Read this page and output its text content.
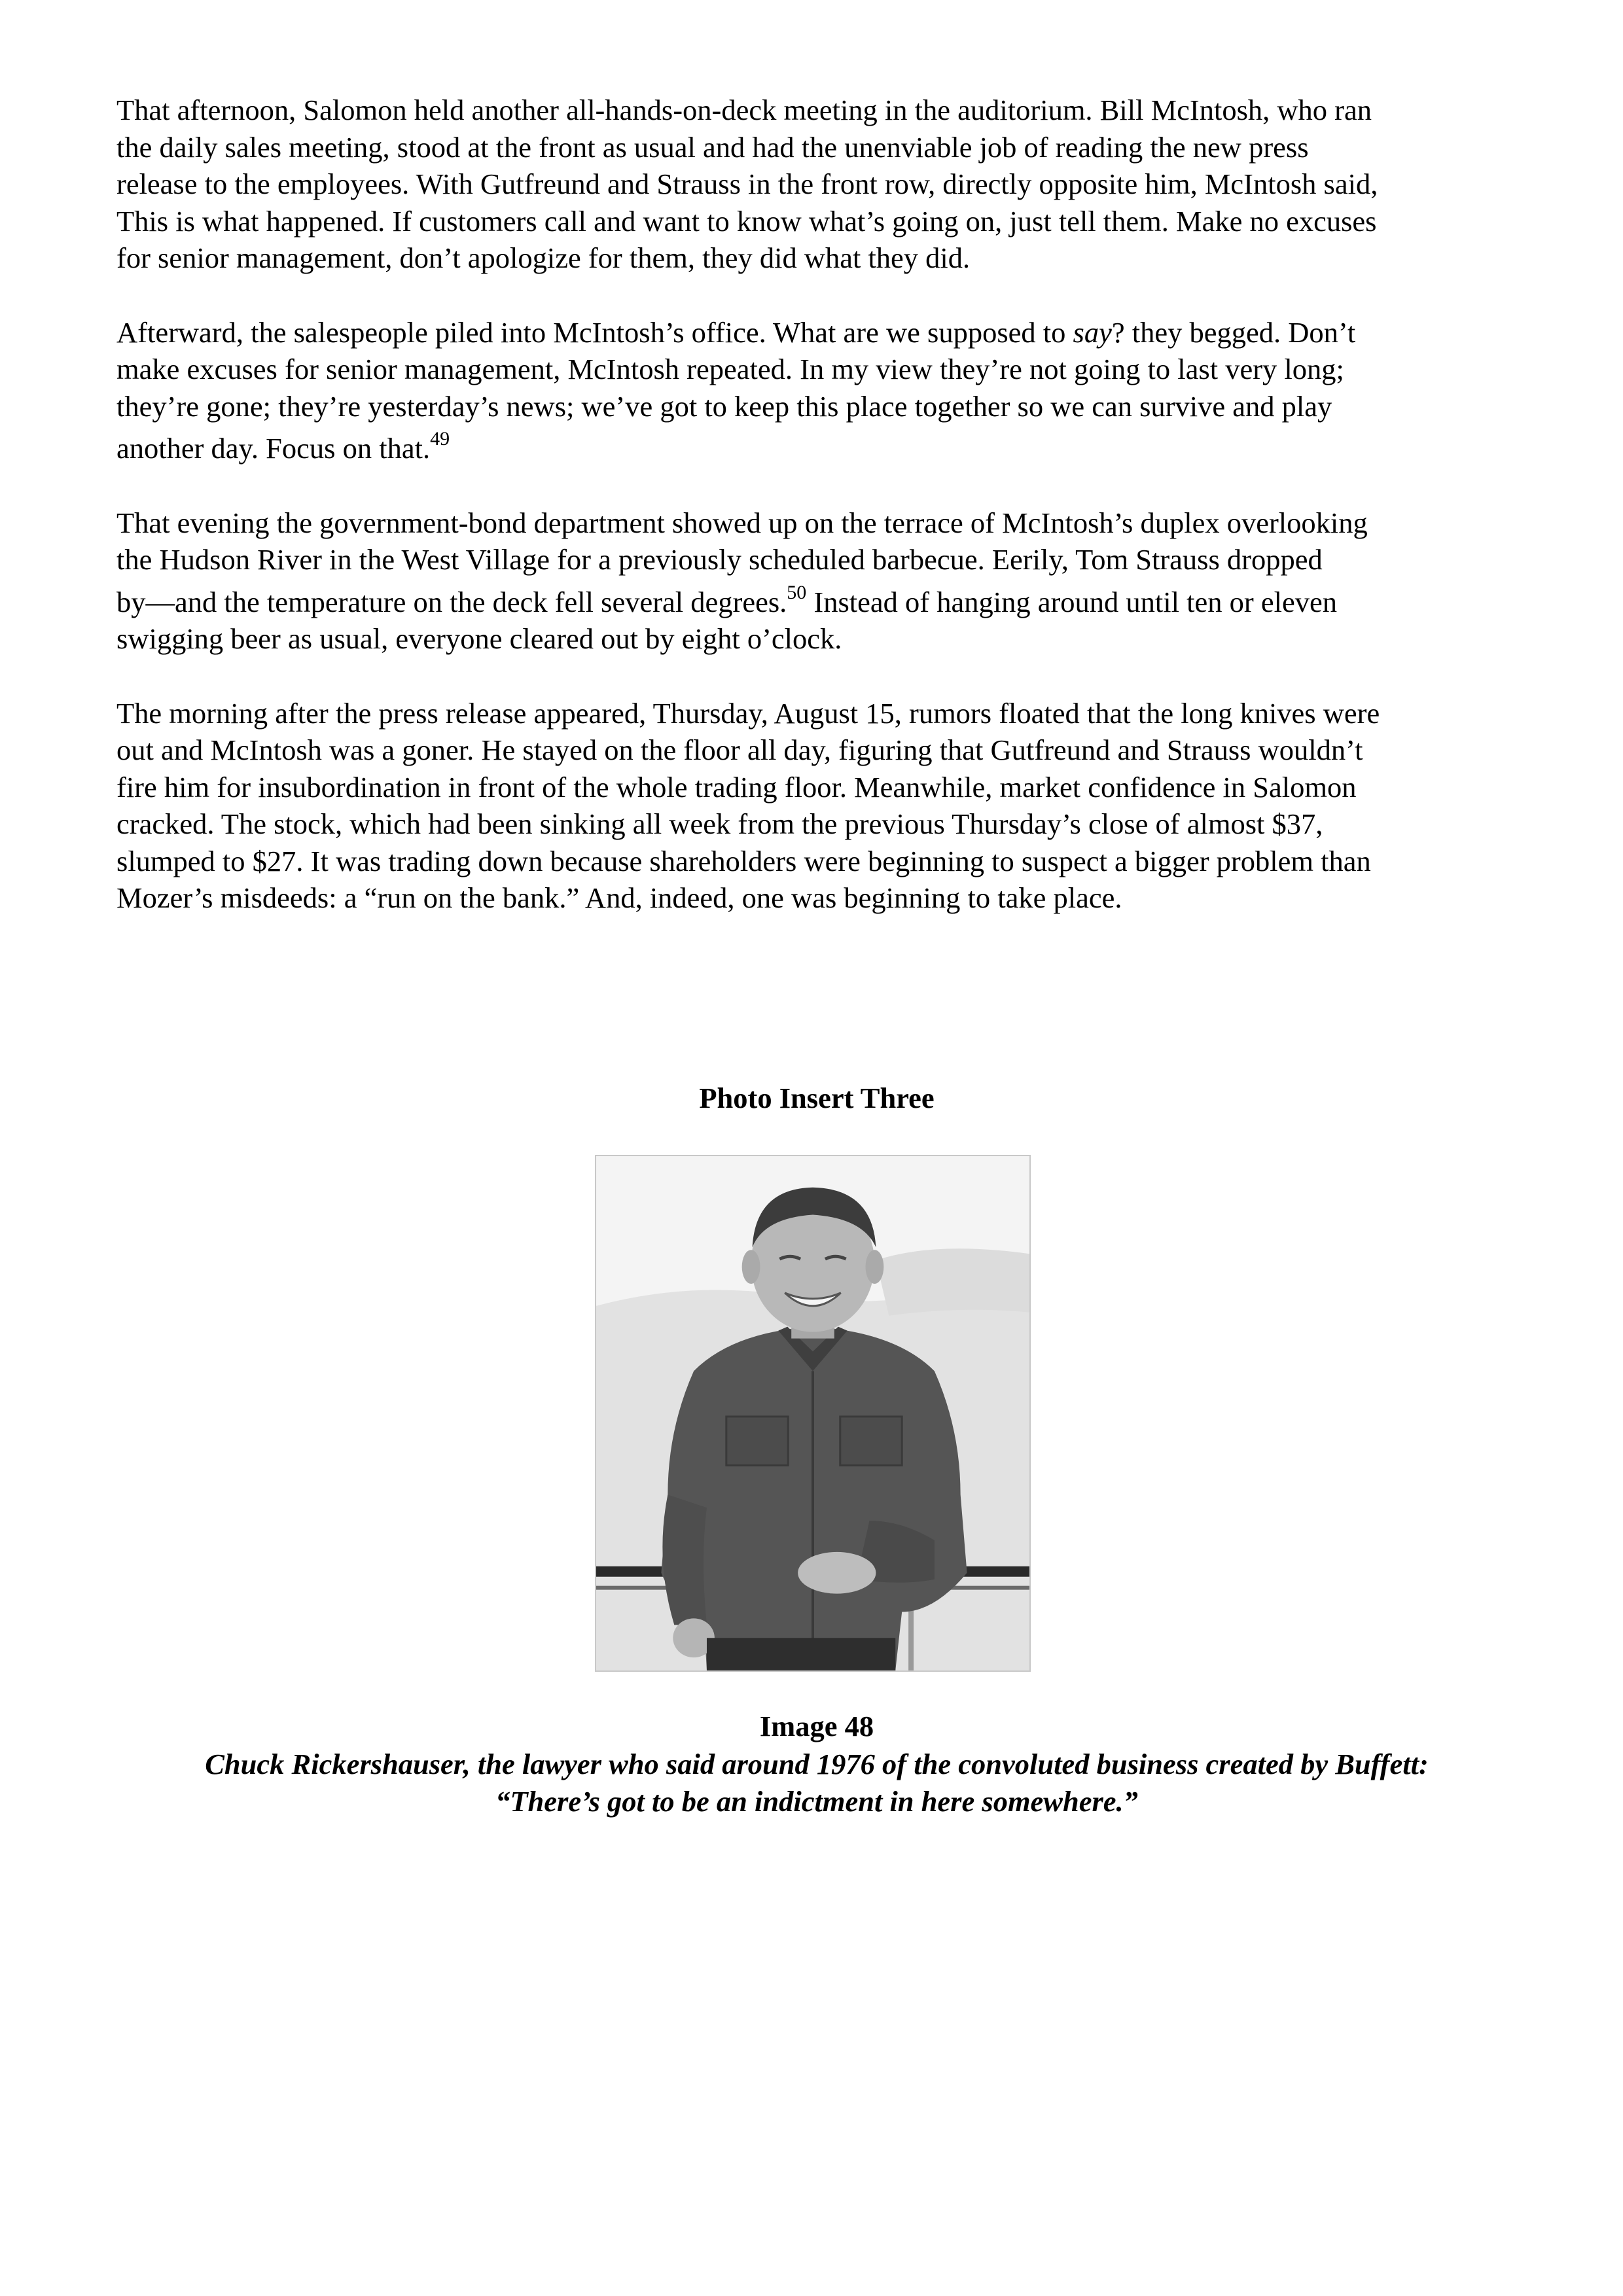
That afternoon, Salomon held another all-hands-on-deck meeting in the auditorium. Bill McIntosh, who ran

the daily sales meeting, stood at the front as usual and had the unenviable job of reading the new press

release to the employees. With Gutfreund and Strauss in the front row, directly opposite him, McIntosh said,

This is what happened. If customers call and want to know what’s going on, just tell them. Make no excuses

for senior management, don’t apologize for them, they did what they did.

Afterward, the salespeople piled into McIntosh’s office. What are we supposed to say? they begged. Don’t

make excuses for senior management, McIntosh repeated. In my view they’re not going to last very long;

they’re gone; they’re yesterday’s news; we’ve got to keep this place together so we can survive and play

another day. Focus on that.$^{49}$

That evening the government-bond department showed up on the terrace of McIntosh’s duplex overlooking

the Hudson River in the West Village for a previously scheduled barbecue. Eerily, Tom Strauss dropped

by—and the temperature on the deck fell several degrees.$^{50}$ Instead of hanging around until ten or eleven

swigging beer as usual, everyone cleared out by eight o’clock.

The morning after the press release appeared, Thursday, August 15, rumors floated that the long knives were

out and McIntosh was a goner. He stayed on the floor all day, figuring that Gutfreund and Strauss wouldn’t

fire him for insubordination in front of the whole trading floor. Meanwhile, market confidence in Salomon

cracked. The stock, which had been sinking all week from the previous Thursday’s close of almost $37,

slumped to $27. It was trading down because shareholders were beginning to suspect a bigger problem than

Mozer’s misdeeds: a “run on the bank.” And, indeed, one was beginning to take place.

Photo Insert Three
Image 48
Chuck Rickershauser, the lawyer who said around 1976 of the convoluted business created by Buffett:
“There’s got to be an indictment in here somewhere.”
